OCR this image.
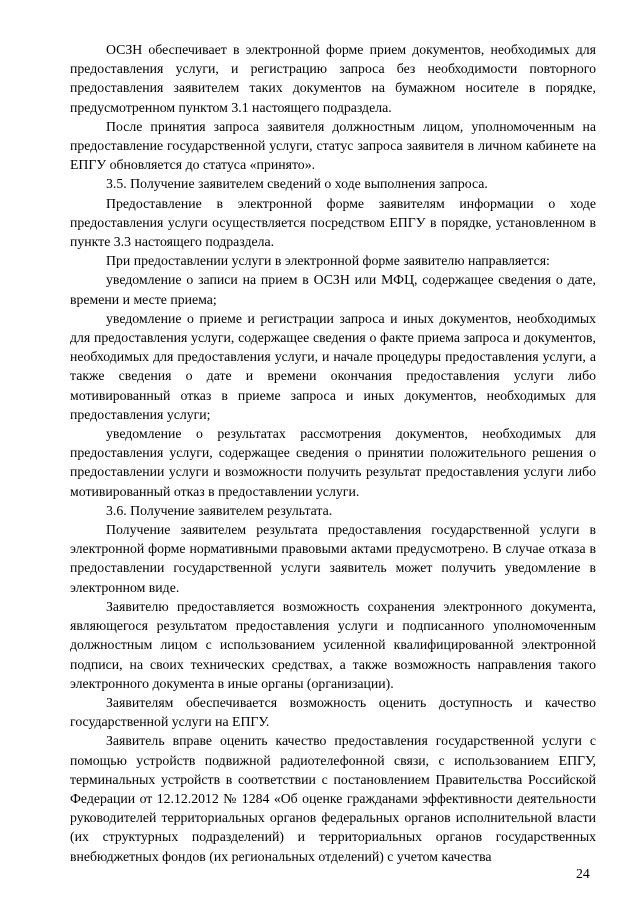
ОСЗН обеспечивает в электронной форме прием документов, необходимых для предоставления услуги, и регистрацию запроса без необходимости повторного предоставления заявителем таких документов на бумажном носителе в порядке, предусмотренном пунктом 3.1 настоящего подраздела.

После принятия запроса заявителя должностным лицом, уполномоченным на предоставление государственной услуги, статус запроса заявителя в личном кабинете на ЕПГУ обновляется до статуса «принято».

3.5. Получение заявителем сведений о ходе выполнения запроса.

Предоставление в электронной форме заявителям информации о ходе предоставления услуги осуществляется посредством ЕПГУ в порядке, установленном в пункте 3.3 настоящего подраздела.

При предоставлении услуги в электронной форме заявителю направляется:

уведомление о записи на прием в ОСЗН или МФЦ, содержащее сведения о дате, времени и месте приема;

уведомление о приеме и регистрации запроса и иных документов, необходимых для предоставления услуги, содержащее сведения о факте приема запроса и документов, необходимых для предоставления услуги, и начале процедуры предоставления услуги, а также сведения о дате и времени окончания предоставления услуги либо мотивированный отказ в приеме запроса и иных документов, необходимых для предоставления услуги;

уведомление о результатах рассмотрения документов, необходимых для предоставления услуги, содержащее сведения о принятии положительного решения о предоставлении услуги и возможности получить результат предоставления услуги либо мотивированный отказ в предоставлении услуги.

3.6. Получение заявителем результата.

Получение заявителем результата предоставления государственной услуги в электронной форме нормативными правовыми актами предусмотрено. В случае отказа в предоставлении государственной услуги заявитель может получить уведомление в электронном виде.

Заявителю предоставляется возможность сохранения электронного документа, являющегося результатом предоставления услуги и подписанного уполномоченным должностным лицом с использованием усиленной квалифицированной электронной подписи, на своих технических средствах, а также возможность направления такого электронного документа в иные органы (организации).

Заявителям обеспечивается возможность оценить доступность и качество государственной услуги на ЕПГУ.

Заявитель вправе оценить качество предоставления государственной услуги с помощью устройств подвижной радиотелефонной связи, с использованием ЕПГУ, терминальных устройств в соответствии с постановлением Правительства Российской Федерации от 12.12.2012 № 1284 «Об оценке гражданами эффективности деятельности руководителей территориальных органов федеральных органов исполнительной власти (их структурных подразделений) и территориальных органов государственных внебюджетных фондов (их региональных отделений) с учетом качества

24
